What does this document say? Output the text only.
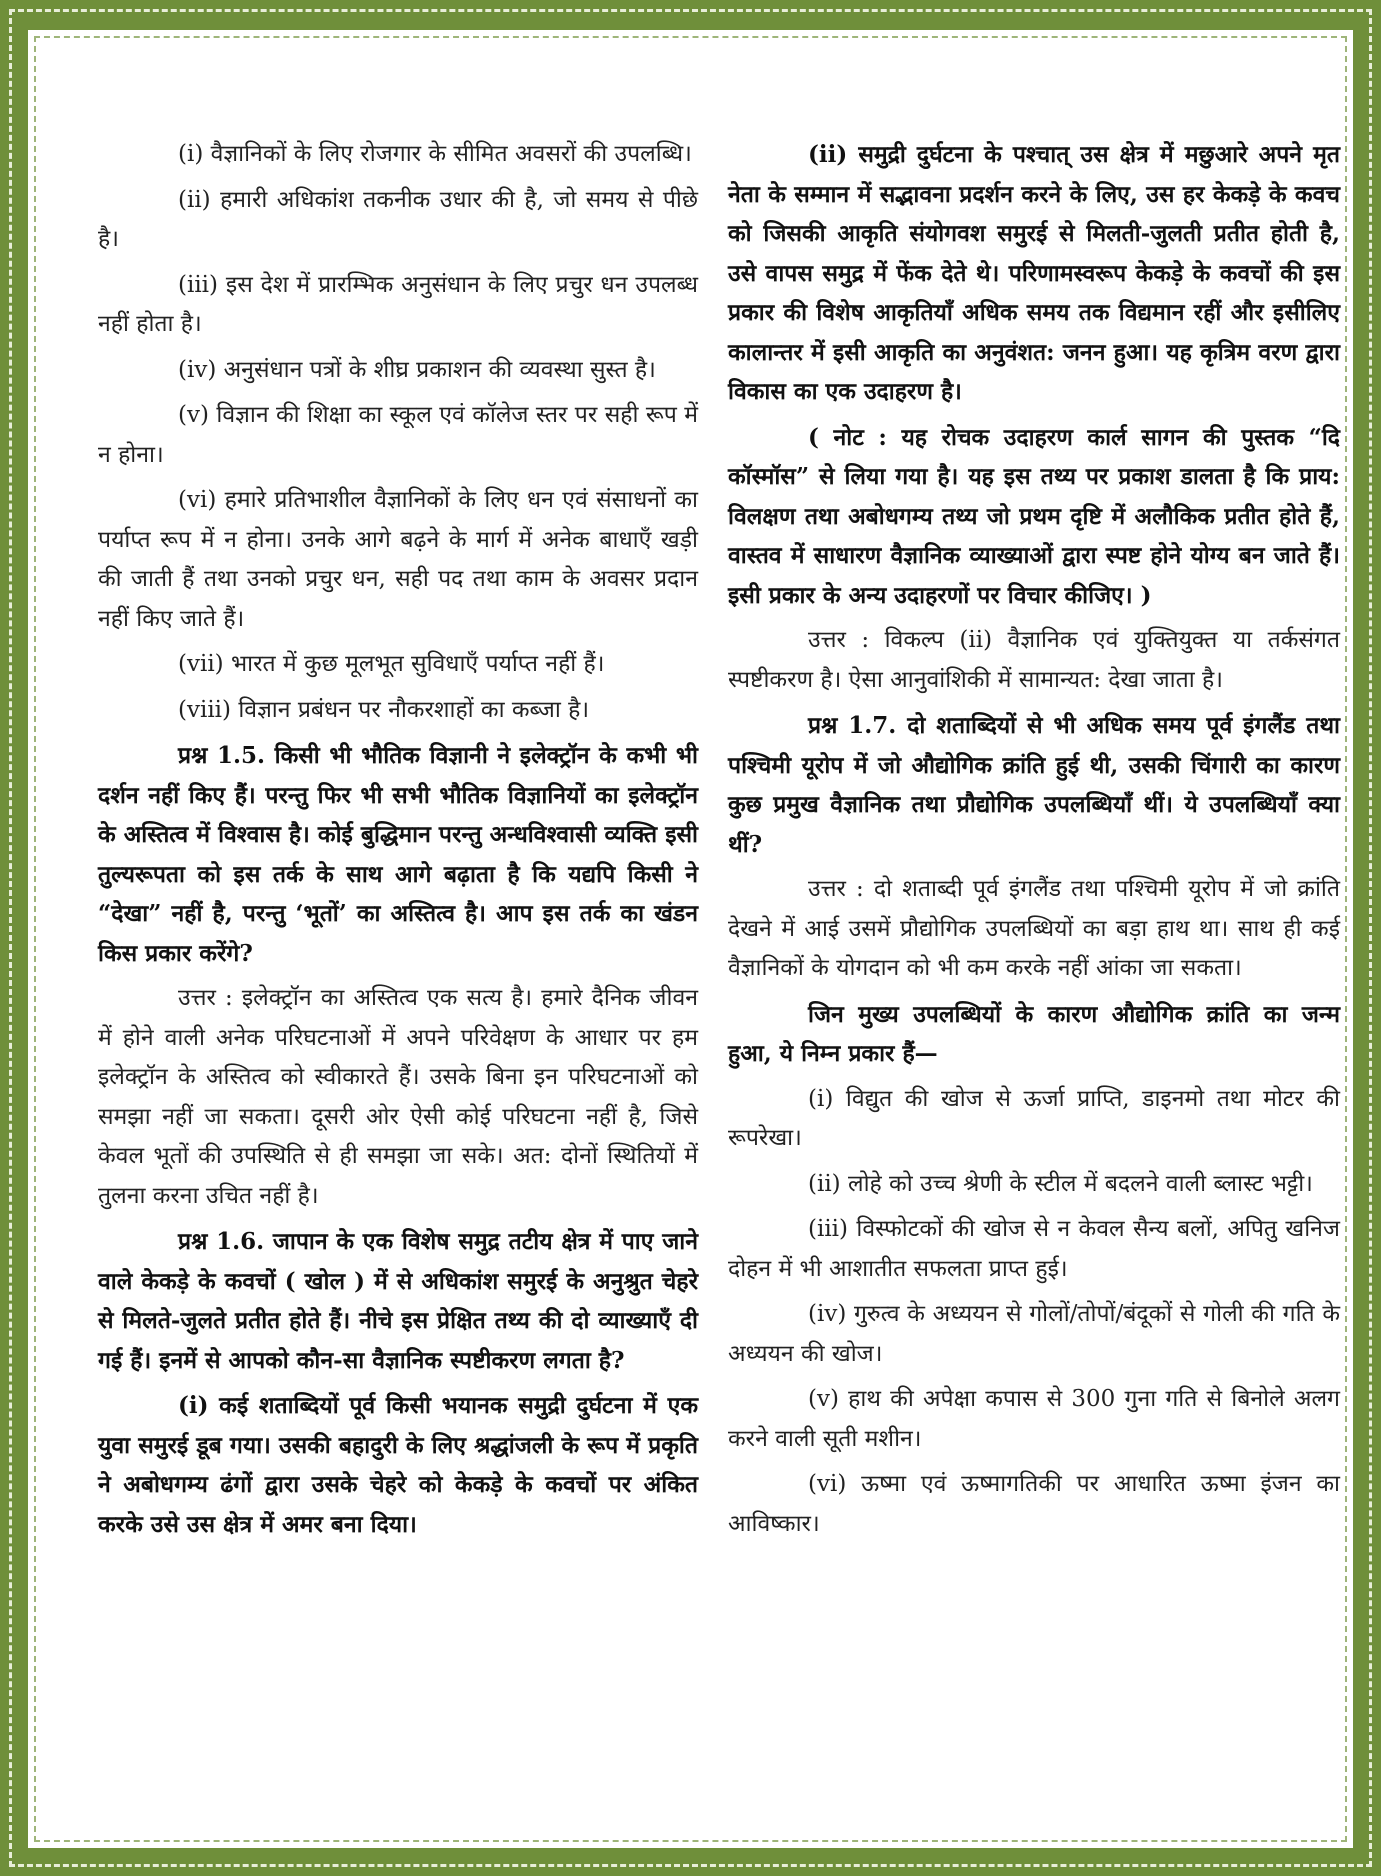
(i) वैज्ञानिकों के लिए रोजगार के सीमित अवसरों की उपलब्धि।

(ii) हमारी अधिकांश तकनीक उधार की है, जो समय से पीछे है।

(iii) इस देश में प्रारम्भिक अनुसंधान के लिए प्रचुर धन उपलब्ध नहीं होता है।

(iv) अनुसंधान पत्रों के शीघ्र प्रकाशन की व्यवस्था सुस्त है।

(v) विज्ञान की शिक्षा का स्कूल एवं कॉलेज स्तर पर सही रूप में न होना।

(vi) हमारे प्रतिभाशील वैज्ञानिकों के लिए धन एवं संसाधनों का पर्याप्त रूप में न होना। उनके आगे बढ़ने के मार्ग में अनेक बाधाएँ खड़ी की जाती हैं तथा उनको प्रचुर धन, सही पद तथा काम के अवसर प्रदान नहीं किए जाते हैं।

(vii) भारत में कुछ मूलभूत सुविधाएँ पर्याप्त नहीं हैं।

(viii) विज्ञान प्रबंधन पर नौकरशाहों का कब्जा है।

प्रश्न 1.5. किसी भी भौतिक विज्ञानी ने इलेक्ट्रॉन के कभी भी दर्शन नहीं किए हैं। परन्तु फिर भी सभी भौतिक विज्ञानियों का इलेक्ट्रॉन के अस्तित्व में विश्वास है। कोई बुद्धिमान परन्तु अन्धविश्वासी व्यक्ति इसी तुल्यरूपता को इस तर्क के साथ आगे बढ़ाता है कि यद्यपि किसी ने “देखा” नहीं है, परन्तु ‘भूतों’ का अस्तित्व है। आप इस तर्क का खंडन किस प्रकार करेंगे?

उत्तर : इलेक्ट्रॉन का अस्तित्व एक सत्य है। हमारे दैनिक जीवन में होने वाली अनेक परिघटनाओं में अपने परिवेक्षण के आधार पर हम इलेक्ट्रॉन के अस्तित्व को स्वीकारते हैं। उसके बिना इन परिघटनाओं को समझा नहीं जा सकता। दूसरी ओर ऐसी कोई परिघटना नहीं है, जिसे केवल भूतों की उपस्थिति से ही समझा जा सके। अत: दोनों स्थितियों में तुलना करना उचित नहीं है।

प्रश्न 1.6. जापान के एक विशेष समुद्र तटीय क्षेत्र में पाए जाने वाले केकड़े के कवचों ( खोल ) में से अधिकांश समुरई के अनुश्रुत चेहरे से मिलते-जुलते प्रतीत होते हैं। नीचे इस प्रेक्षित तथ्य की दो व्याख्याएँ दी गई हैं। इनमें से आपको कौन-सा वैज्ञानिक स्पष्टीकरण लगता है?

(i) कई शताब्दियों पूर्व किसी भयानक समुद्री दुर्घटना में एक युवा समुरई डूब गया। उसकी बहादुरी के लिए श्रद्धांजली के रूप में प्रकृति ने अबोधगम्य ढंगों द्वारा उसके चेहरे को केकड़े के कवचों पर अंकित करके उसे उस क्षेत्र में अमर बना दिया।

(ii) समुद्री दुर्घटना के पश्चात् उस क्षेत्र में मछुआरे अपने मृत नेता के सम्मान में सद्भावना प्रदर्शन करने के लिए, उस हर केकड़े के कवच को जिसकी आकृति संयोगवश समुरई से मिलती-जुलती प्रतीत होती है, उसे वापस समुद्र में फेंक देते थे। परिणामस्वरूप केकड़े के कवचों की इस प्रकार की विशेष आकृतियाँ अधिक समय तक विद्यमान रहीं और इसीलिए कालान्तर में इसी आकृति का अनुवंशत: जनन हुआ। यह कृत्रिम वरण द्वारा विकास का एक उदाहरण है।

( नोट : यह रोचक उदाहरण कार्ल सागन की पुस्तक “दि कॉस्मॉस” से लिया गया है। यह इस तथ्य पर प्रकाश डालता है कि प्राय: विलक्षण तथा अबोधगम्य तथ्य जो प्रथम दृष्टि में अलौकिक प्रतीत होते हैं, वास्तव में साधारण वैज्ञानिक व्याख्याओं द्वारा स्पष्ट होने योग्य बन जाते हैं। इसी प्रकार के अन्य उदाहरणों पर विचार कीजिए। )

उत्तर : विकल्प (ii) वैज्ञानिक एवं युक्तियुक्त या तर्कसंगत स्पष्टीकरण है। ऐसा आनुवांशिकी में सामान्यत: देखा जाता है।

प्रश्न 1.7. दो शताब्दियों से भी अधिक समय पूर्व इंगलैंड तथा पश्चिमी यूरोप में जो औद्योगिक क्रांति हुई थी, उसकी चिंगारी का कारण कुछ प्रमुख वैज्ञानिक तथा प्रौद्योगिक उपलब्धियाँ थीं। ये उपलब्धियाँ क्या थीं?

उत्तर : दो शताब्दी पूर्व इंगलैंड तथा पश्चिमी यूरोप में जो क्रांति देखने में आई उसमें प्रौद्योगिक उपलब्धियों का बड़ा हाथ था। साथ ही कई वैज्ञानिकों के योगदान को भी कम करके नहीं आंका जा सकता।

जिन मुख्य उपलब्धियों के कारण औद्योगिक क्रांति का जन्म हुआ, ये निम्न प्रकार हैं—

(i) विद्युत की खोज से ऊर्जा प्राप्ति, डाइनमो तथा मोटर की रूपरेखा।

(ii) लोहे को उच्च श्रेणी के स्टील में बदलने वाली ब्लास्ट भट्टी।

(iii) विस्फोटकों की खोज से न केवल सैन्य बलों, अपितु खनिज दोहन में भी आशातीत सफलता प्राप्त हुई।

(iv) गुरुत्व के अध्ययन से गोलों/तोपों/बंदूकों से गोली की गति के अध्ययन की खोज।

(v) हाथ की अपेक्षा कपास से 300 गुना गति से बिनोले अलग करने वाली सूती मशीन।

(vi) ऊष्मा एवं ऊष्मागतिकी पर आधारित ऊष्मा इंजन का आविष्कार।
